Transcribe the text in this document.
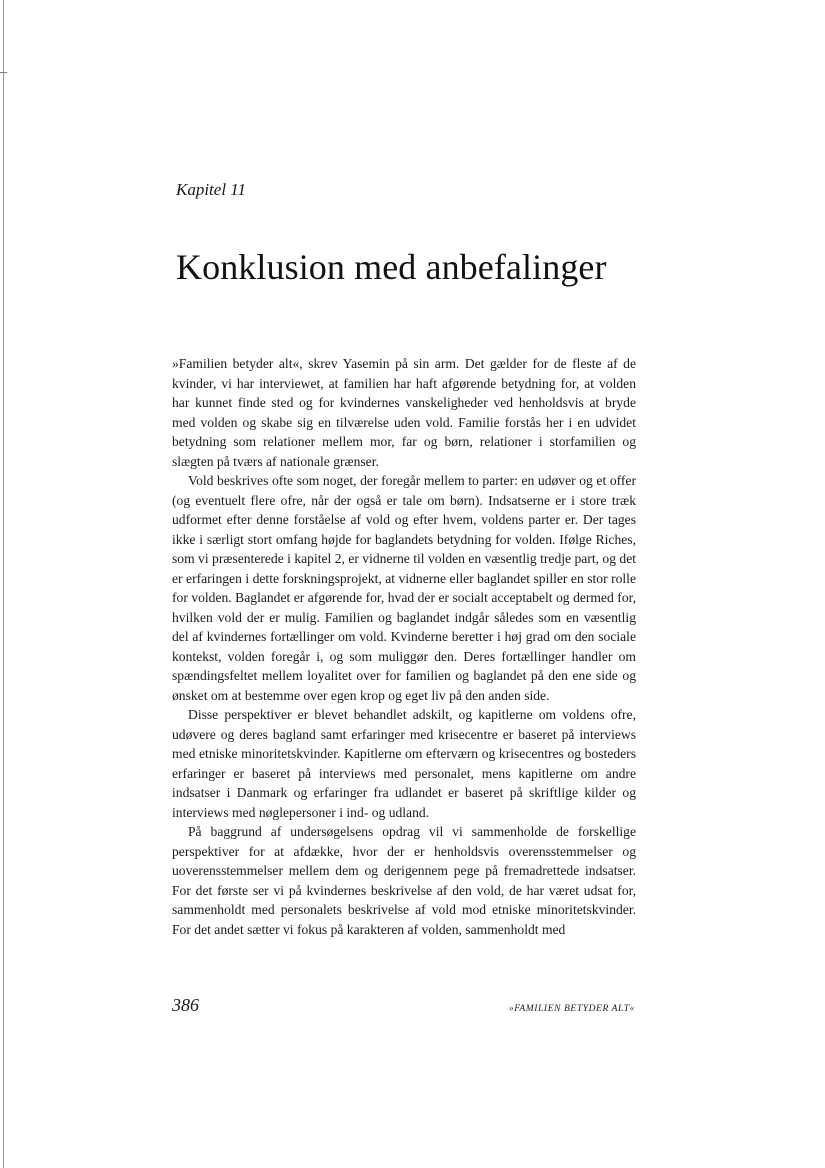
Kapitel 11
Konklusion med anbefalinger

»Familien betyder alt«, skrev Yasemin på sin arm. Det gælder for de fleste af de kvinder, vi har interviewet, at familien har haft afgørende betydning for, at volden har kunnet finde sted og for kvindernes vanskeligheder ved henholdsvis at bryde med volden og skabe sig en tilværelse uden vold. Familie forstås her i en udvidet betydning som relationer mellem mor, far og børn, relationer i storfamilien og slægten på tværs af nationale grænser.

Vold beskrives ofte som noget, der foregår mellem to parter: en udøver og et offer (og eventuelt flere ofre, når der også er tale om børn). Indsatserne er i store træk udformet efter denne forståelse af vold og efter hvem, voldens parter er. Der tages ikke i særligt stort omfang højde for baglandets betydning for volden. Ifølge Riches, som vi præsenterede i kapitel 2, er vidnerne til volden en væsentlig tredje part, og det er erfaringen i dette forskningsprojekt, at vidnerne eller baglandet spiller en stor rolle for volden. Baglandet er afgørende for, hvad der er socialt acceptabelt og dermed for, hvilken vold der er mulig. Familien og baglandet indgår således som en væsentlig del af kvindernes fortællinger om vold. Kvinderne beretter i høj grad om den sociale kontekst, volden foregår i, og som muliggør den. Deres fortællinger handler om spændingsfeltet mellem loyalitet over for familien og baglandet på den ene side og ønsket om at bestemme over egen krop og eget liv på den anden side.

Disse perspektiver er blevet behandlet adskilt, og kapitlerne om voldens ofre, udøvere og deres bagland samt erfaringer med krisecentre er baseret på interviews med etniske minoritetskvinder. Kapitlerne om efterværn og krisecentres og bosteders erfaringer er baseret på interviews med personalet, mens kapitlerne om andre indsatser i Danmark og erfaringer fra udlandet er baseret på skriftlige kilder og interviews med nøglepersoner i ind- og udland.

På baggrund af undersøgelsens opdrag vil vi sammenholde de forskellige perspektiver for at afdække, hvor der er henholdsvis overensstemmelser og uoverensstemmelser mellem dem og derigennem pege på fremadrettede indsatser. For det første ser vi på kvindernes beskrivelse af den vold, de har været udsat for, sammenholdt med personalets beskrivelse af vold mod etniske minoritetskvinder. For det andet sætter vi fokus på karakteren af volden, sammenholdt med

386	»FAMILIEN BETYDER ALT«
